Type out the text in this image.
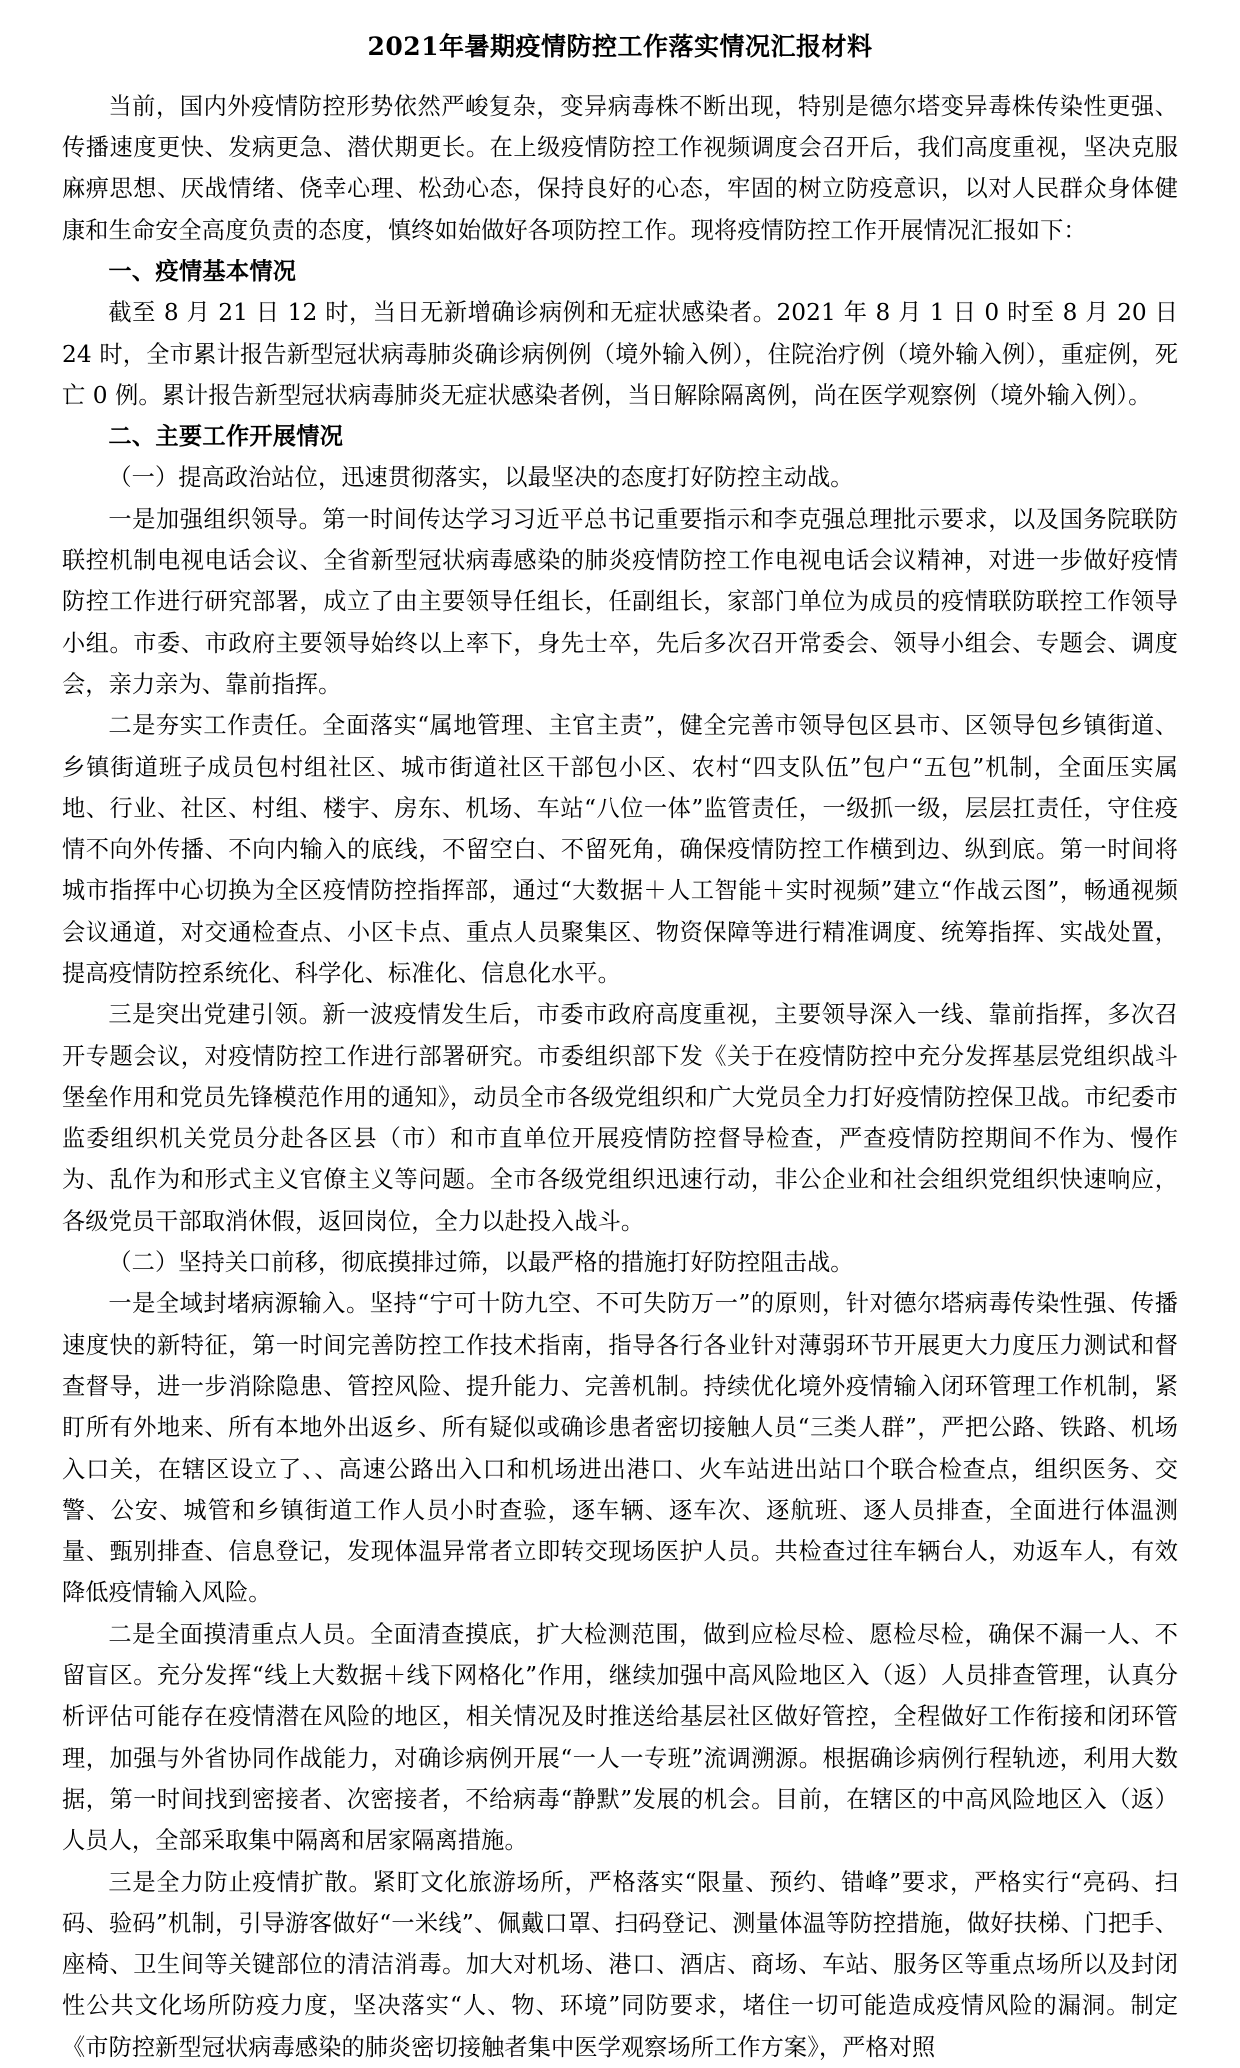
2021年暑期疫情防控工作落实情况汇报材料

当前，国内外疫情防控形势依然严峻复杂，变异病毒株不断出现，特别是德尔塔变异毒株传染性更强、传播速度更快、发病更急、潜伏期更长。在上级疫情防控工作视频调度会召开后，我们高度重视，坚决克服麻痹思想、厌战情绪、侥幸心理、松劲心态，保持良好的心态，牢固的树立防疫意识，以对人民群众身体健康和生命安全高度负责的态度，慎终如始做好各项防控工作。现将疫情防控工作开展情况汇报如下：

一、疫情基本情况

截至 8 月 21 日 12 时，当日无新增确诊病例和无症状感染者。2021 年 8 月 1 日 0 时至 8 月 20 日 24 时，全市累计报告新型冠状病毒肺炎确诊病例例（境外输入例），住院治疗例（境外输入例），重症例，死亡 0 例。累计报告新型冠状病毒肺炎无症状感染者例，当日解除隔离例，尚在医学观察例（境外输入例）。

二、主要工作开展情况

（一）提高政治站位，迅速贯彻落实，以最坚决的态度打好防控主动战。

一是加强组织领导。第一时间传达学习习近平总书记重要指示和李克强总理批示要求，以及国务院联防联控机制电视电话会议、全省新型冠状病毒感染的肺炎疫情防控工作电视电话会议精神，对进一步做好疫情防控工作进行研究部署，成立了由主要领导任组长，任副组长，家部门单位为成员的疫情联防联控工作领导小组。市委、市政府主要领导始终以上率下，身先士卒，先后多次召开常委会、领导小组会、专题会、调度会，亲力亲为、靠前指挥。

二是夯实工作责任。全面落实“属地管理、主官主责”，健全完善市领导包区县市、区领导包乡镇街道、乡镇街道班子成员包村组社区、城市街道社区干部包小区、农村“四支队伍”包户“五包”机制，全面压实属地、行业、社区、村组、楼宇、房东、机场、车站“八位一体”监管责任，一级抓一级，层层扛责任，守住疫情不向外传播、不向内输入的底线，不留空白、不留死角，确保疫情防控工作横到边、纵到底。第一时间将城市指挥中心切换为全区疫情防控指挥部，通过“大数据＋人工智能＋实时视频”建立“作战云图”，畅通视频会议通道，对交通检查点、小区卡点、重点人员聚集区、物资保障等进行精准调度、统筹指挥、实战处置，提高疫情防控系统化、科学化、标准化、信息化水平。

三是突出党建引领。新一波疫情发生后，市委市政府高度重视，主要领导深入一线、靠前指挥，多次召开专题会议，对疫情防控工作进行部署研究。市委组织部下发《关于在疫情防控中充分发挥基层党组织战斗堡垒作用和党员先锋模范作用的通知》，动员全市各级党组织和广大党员全力打好疫情防控保卫战。市纪委市监委组织机关党员分赴各区县（市）和市直单位开展疫情防控督导检查，严查疫情防控期间不作为、慢作为、乱作为和形式主义官僚主义等问题。全市各级党组织迅速行动，非公企业和社会组织党组织快速响应，各级党员干部取消休假，返回岗位，全力以赴投入战斗。

（二）坚持关口前移，彻底摸排过筛，以最严格的措施打好防控阻击战。

一是全域封堵病源输入。坚持“宁可十防九空、不可失防万一”的原则，针对德尔塔病毒传染性强、传播速度快的新特征，第一时间完善防控工作技术指南，指导各行各业针对薄弱环节开展更大力度压力测试和督查督导，进一步消除隐患、管控风险、提升能力、完善机制。持续优化境外疫情输入闭环管理工作机制，紧盯所有外地来、所有本地外出返乡、所有疑似或确诊患者密切接触人员“三类人群”，严把公路、铁路、机场入口关，在辖区设立了、、高速公路出入口和机场进出港口、火车站进出站口个联合检查点，组织医务、交警、公安、城管和乡镇街道工作人员小时查验，逐车辆、逐车次、逐航班、逐人员排查，全面进行体温测量、甄别排查、信息登记，发现体温异常者立即转交现场医护人员。共检查过往车辆台人，劝返车人，有效降低疫情输入风险。

二是全面摸清重点人员。全面清查摸底，扩大检测范围，做到应检尽检、愿检尽检，确保不漏一人、不留盲区。充分发挥“线上大数据＋线下网格化”作用，继续加强中高风险地区入（返）人员排查管理，认真分析评估可能存在疫情潜在风险的地区，相关情况及时推送给基层社区做好管控，全程做好工作衔接和闭环管理，加强与外省协同作战能力，对确诊病例开展“一人一专班”流调溯源。根据确诊病例行程轨迹，利用大数据，第一时间找到密接者、次密接者，不给病毒“静默”发展的机会。目前，在辖区的中高风险地区入（返）人员人，全部采取集中隔离和居家隔离措施。

三是全力防止疫情扩散。紧盯文化旅游场所，严格落实“限量、预约、错峰”要求，严格实行“亮码、扫码、验码”机制，引导游客做好“一米线”、佩戴口罩、扫码登记、测量体温等防控措施，做好扶梯、门把手、座椅、卫生间等关键部位的清洁消毒。加大对机场、港口、酒店、商场、车站、服务区等重点场所以及封闭性公共文化场所防疫力度，坚决落实“人、物、环境”同防要求，堵住一切可能造成疫情风险的漏洞。制定《市防控新型冠状病毒感染的肺炎密切接触者集中医学观察场所工作方案》，严格对照
